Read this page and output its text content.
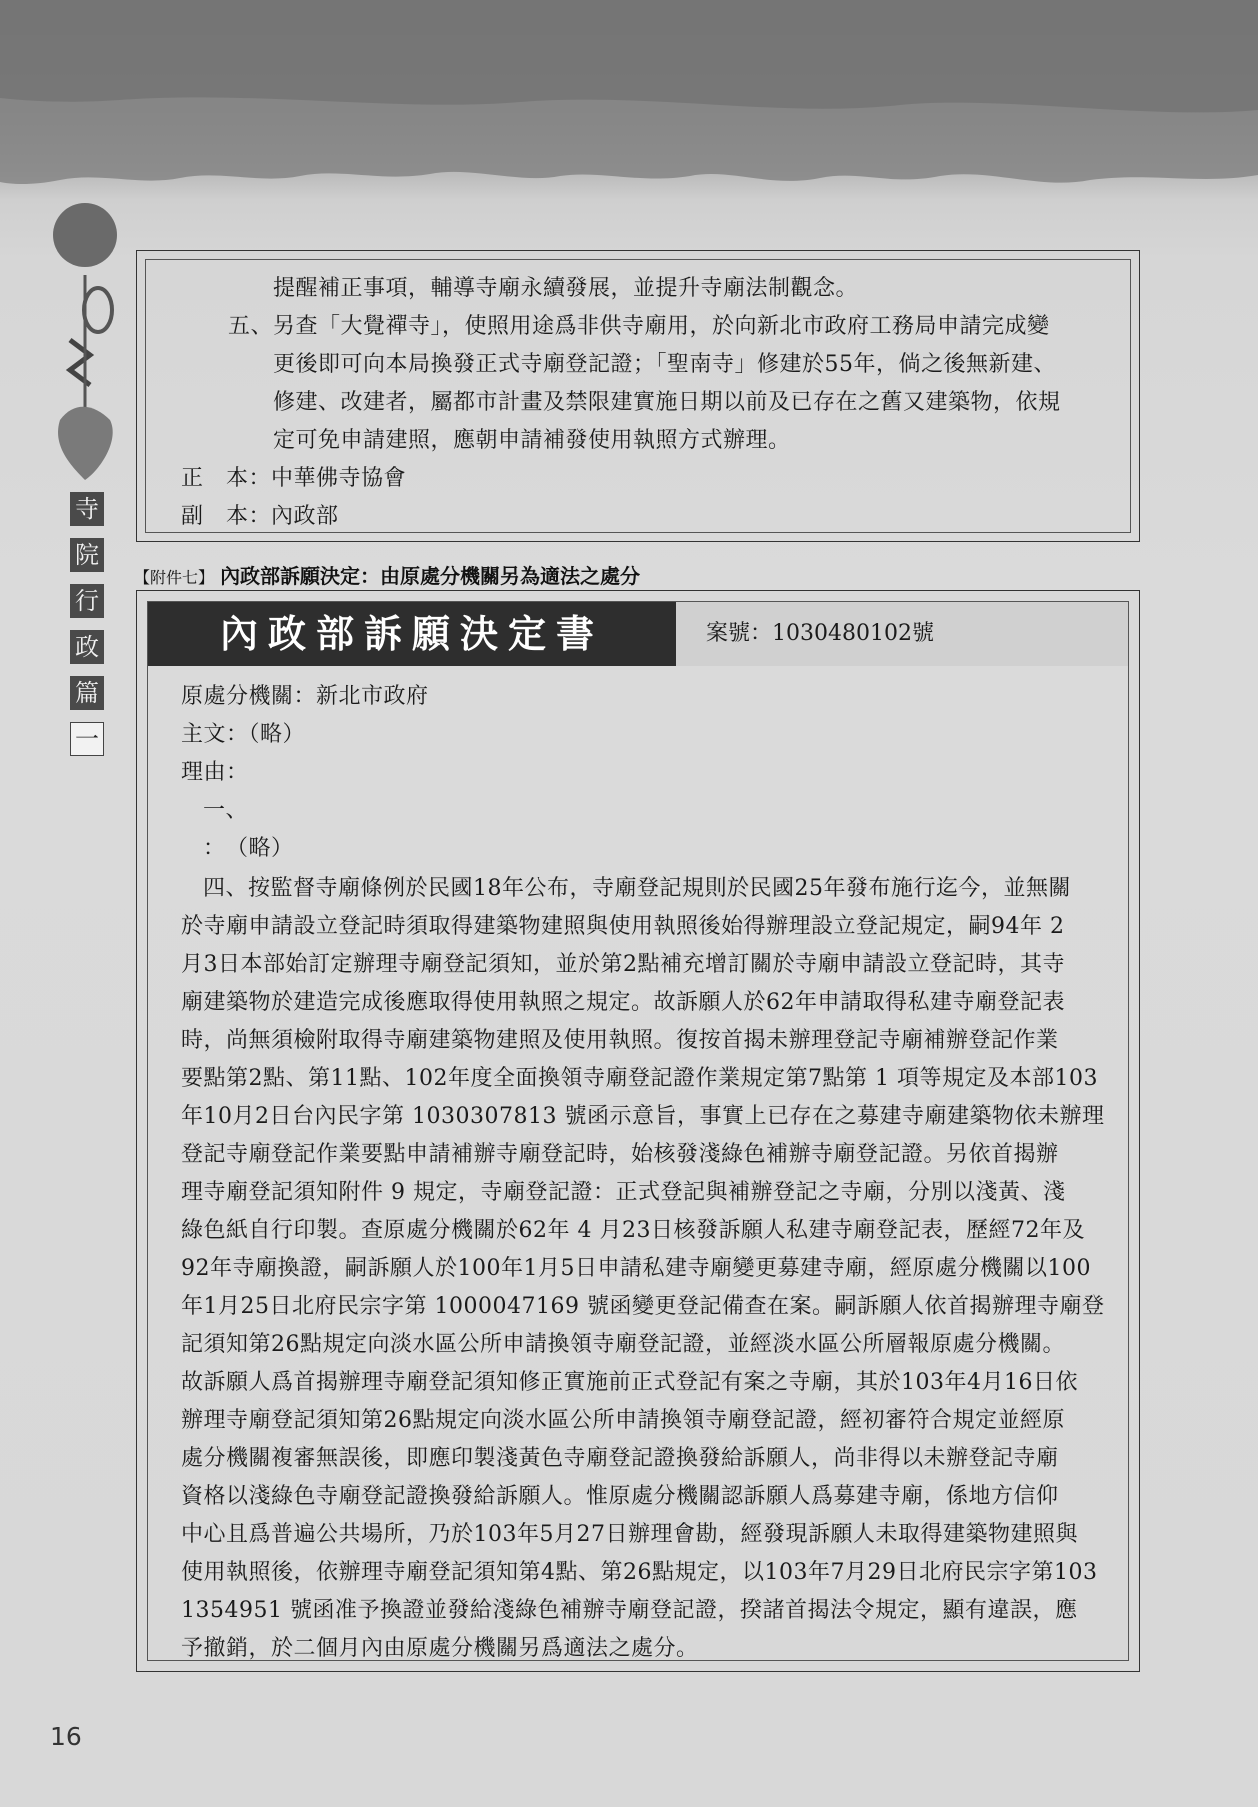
寺
院
行
政
篇
一
提醒補正事項，輔導寺廟永續發展，並提升寺廟法制觀念。
五、另查「大覺禪寺」，使照用途爲非供寺廟用，於向新北市政府工務局申請完成變
更後即可向本局換發正式寺廟登記證；「聖南寺」修建於55年，倘之後無新建、
修建、改建者，屬都市計畫及禁限建實施日期以前及已存在之舊又建築物，依規
定可免申請建照，應朝申請補發使用執照方式辦理。
正　本：中華佛寺協會
副　本：內政部
【附件七】 內政部訴願決定：由原處分機關另為適法之處分
內政部訴願決定書	案號：1030480102號
原處分機關：新北市政府
主文：（略）
理由：
一、
：　（略）
四、按監督寺廟條例於民國18年公布，寺廟登記規則於民國25年發布施行迄今，並無關
於寺廟申請設立登記時須取得建築物建照與使用執照後始得辦理設立登記規定，嗣94年 2
月3日本部始訂定辦理寺廟登記須知，並於第2點補充增訂關於寺廟申請設立登記時，其寺
廟建築物於建造完成後應取得使用執照之規定。故訴願人於62年申請取得私建寺廟登記表
時，尚無須檢附取得寺廟建築物建照及使用執照。復按首揭未辦理登記寺廟補辦登記作業
要點第2點、第11點、102年度全面換領寺廟登記證作業規定第7點第 1 項等規定及本部103
年10月2日台內民字第 1030307813 號函示意旨，事實上已存在之募建寺廟建築物依未辦理
登記寺廟登記作業要點申請補辦寺廟登記時，始核發淺綠色補辦寺廟登記證。另依首揭辦
理寺廟登記須知附件 9 規定，寺廟登記證：正式登記與補辦登記之寺廟，分別以淺黃、淺
綠色紙自行印製。查原處分機關於62年 4 月23日核發訴願人私建寺廟登記表，歷經72年及
92年寺廟換證，嗣訴願人於100年1月5日申請私建寺廟變更募建寺廟，經原處分機關以100
年1月25日北府民宗字第 1000047169 號函變更登記備查在案。嗣訴願人依首揭辦理寺廟登
記須知第26點規定向淡水區公所申請換領寺廟登記證，並經淡水區公所層報原處分機關。
故訴願人爲首揭辦理寺廟登記須知修正實施前正式登記有案之寺廟，其於103年4月16日依
辦理寺廟登記須知第26點規定向淡水區公所申請換領寺廟登記證，經初審符合規定並經原
處分機關複審無誤後，即應印製淺黃色寺廟登記證換發給訴願人，尚非得以未辦登記寺廟
資格以淺綠色寺廟登記證換發給訴願人。惟原處分機關認訴願人爲募建寺廟，係地方信仰
中心且爲普遍公共場所，乃於103年5月27日辦理會勘，經發現訴願人未取得建築物建照與
使用執照後，依辦理寺廟登記須知第4點、第26點規定，以103年7月29日北府民宗字第103
1354951 號函准予換證並發給淺綠色補辦寺廟登記證，揆諸首揭法令規定，顯有違誤，應
予撤銷，於二個月內由原處分機關另爲適法之處分。
16
